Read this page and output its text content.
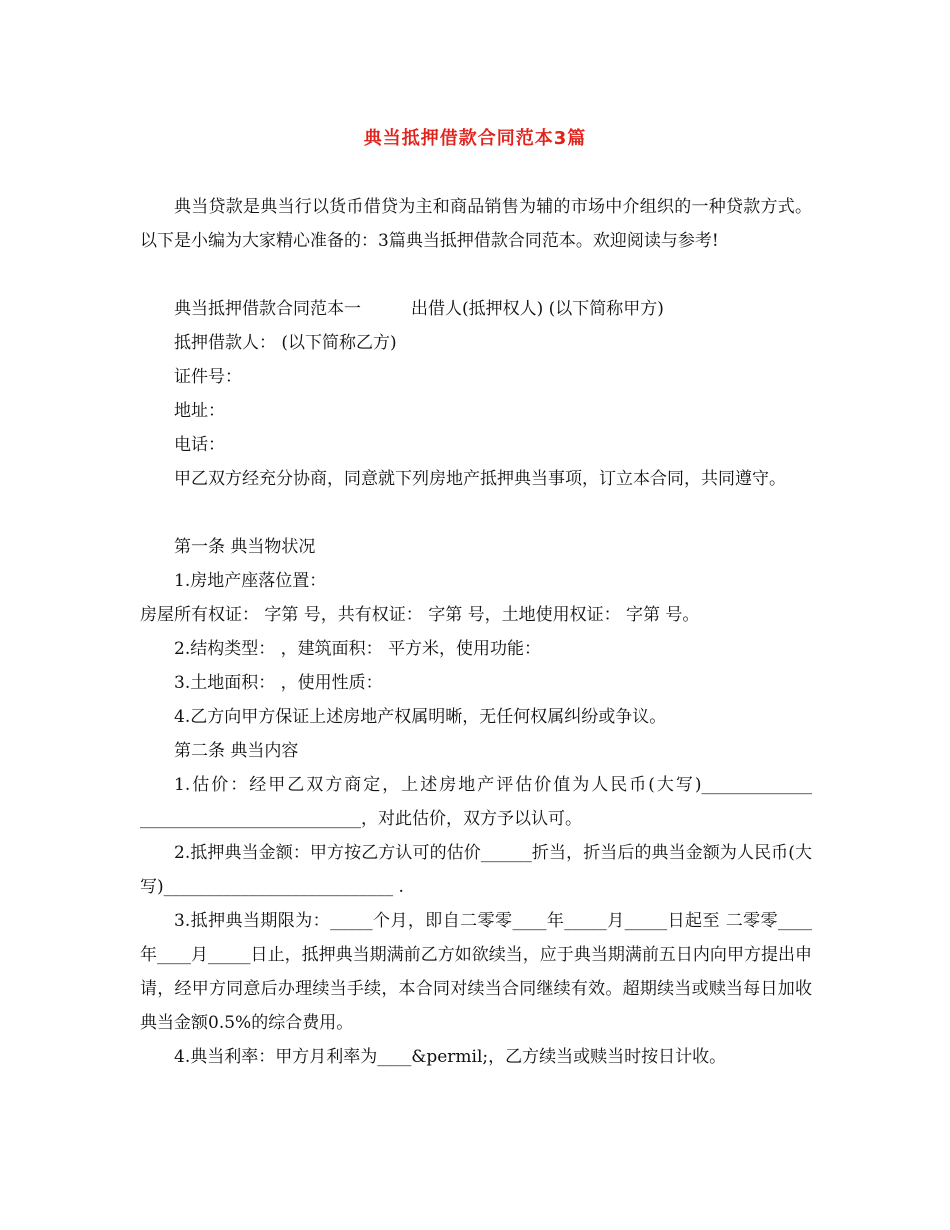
典当抵押借款合同范本3篇

典当贷款是典当行以货币借贷为主和商品销售为辅的市场中介组织的一种贷款方式。以下是小编为大家精心准备的：3篇典当抵押借款合同范本。欢迎阅读与参考!

典当抵押借款合同范本一	出借人(抵押权人) (以下简称甲方)

抵押借款人： (以下简称乙方)

证件号：

地址：

电话：

甲乙双方经充分协商，同意就下列房地产抵押典当事项，订立本合同，共同遵守。

第一条 典当物状况

1.房地产座落位置：

房屋所有权证： 字第 号，共有权证： 字第 号，土地使用权证： 字第 号。

2.结构类型： ，建筑面积： 平方米，使用功能：

3.土地面积： ，使用性质：

4.乙方向甲方保证上述房地产权属明晰，无任何权属纠纷或争议。

第二条 典当内容

1.估价：经甲乙双方商定，上述房地产评估价值为人民币(大写)_____________ __________________________，对此估价，双方予以认可。

2.抵押典当金额：甲方按乙方认可的估价______折当，折当后的典当金额为人民币(大写)___________________________ .

3.抵押典当期限为：_____个月，即自二零零____年_____月_____日起至 二零零____年____月_____日止，抵押典当期满前乙方如欲续当，应于典当期满前五日内向甲方提出申请，经甲方同意后办理续当手续，本合同对续当合同继续有效。超期续当或赎当每日加收典当金额0.5%的综合费用。

4.典当利率：甲方月利率为____&permil;，乙方续当或赎当时按日计收。
